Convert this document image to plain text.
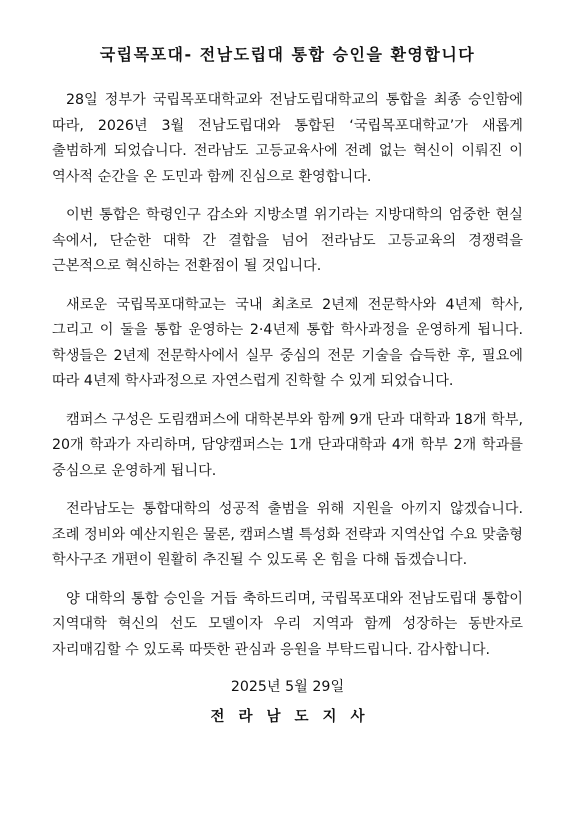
국립목포대- 전남도립대 통합 승인을 환영합니다

28일 정부가 국립목포대학교와 전남도립대학교의 통합을 최종 승인함에 따라, 2026년 3월 전남도립대와 통합된 ‘국립목포대학교’가 새롭게 출범하게 되었습니다. 전라남도 고등교육사에 전례 없는 혁신이 이뤄진 이 역사적 순간을 온 도민과 함께 진심으로 환영합니다.

이번 통합은 학령인구 감소와 지방소멸 위기라는 지방대학의 엄중한 현실 속에서, 단순한 대학 간 결합을 넘어 전라남도 고등교육의 경쟁력을 근본적으로 혁신하는 전환점이 될 것입니다.

새로운 국립목포대학교는 국내 최초로 2년제 전문학사와 4년제 학사, 그리고 이 둘을 통합 운영하는 2·4년제 통합 학사과정을 운영하게 됩니다. 학생들은 2년제 전문학사에서 실무 중심의 전문 기술을 습득한 후, 필요에 따라 4년제 학사과정으로 자연스럽게 진학할 수 있게 되었습니다.

캠퍼스 구성은 도림캠퍼스에 대학본부와 함께 9개 단과 대학과 18개 학부, 20개 학과가 자리하며, 담양캠퍼스는 1개 단과대학과 4개 학부 2개 학과를 중심으로 운영하게 됩니다.

전라남도는 통합대학의 성공적 출범을 위해 지원을 아끼지 않겠습니다. 조례 정비와 예산지원은 물론, 캠퍼스별 특성화 전략과 지역산업 수요 맞춤형 학사구조 개편이 원활히 추진될 수 있도록 온 힘을 다해 돕겠습니다.

양 대학의 통합 승인을 거듭 축하드리며, 국립목포대와 전남도립대 통합이 지역대학 혁신의 선도 모델이자 우리 지역과 함께 성장하는 동반자로 자리매김할 수 있도록 따뜻한 관심과 응원을 부탁드립니다. 감사합니다.

2025년 5월 29일
전라남도지사
